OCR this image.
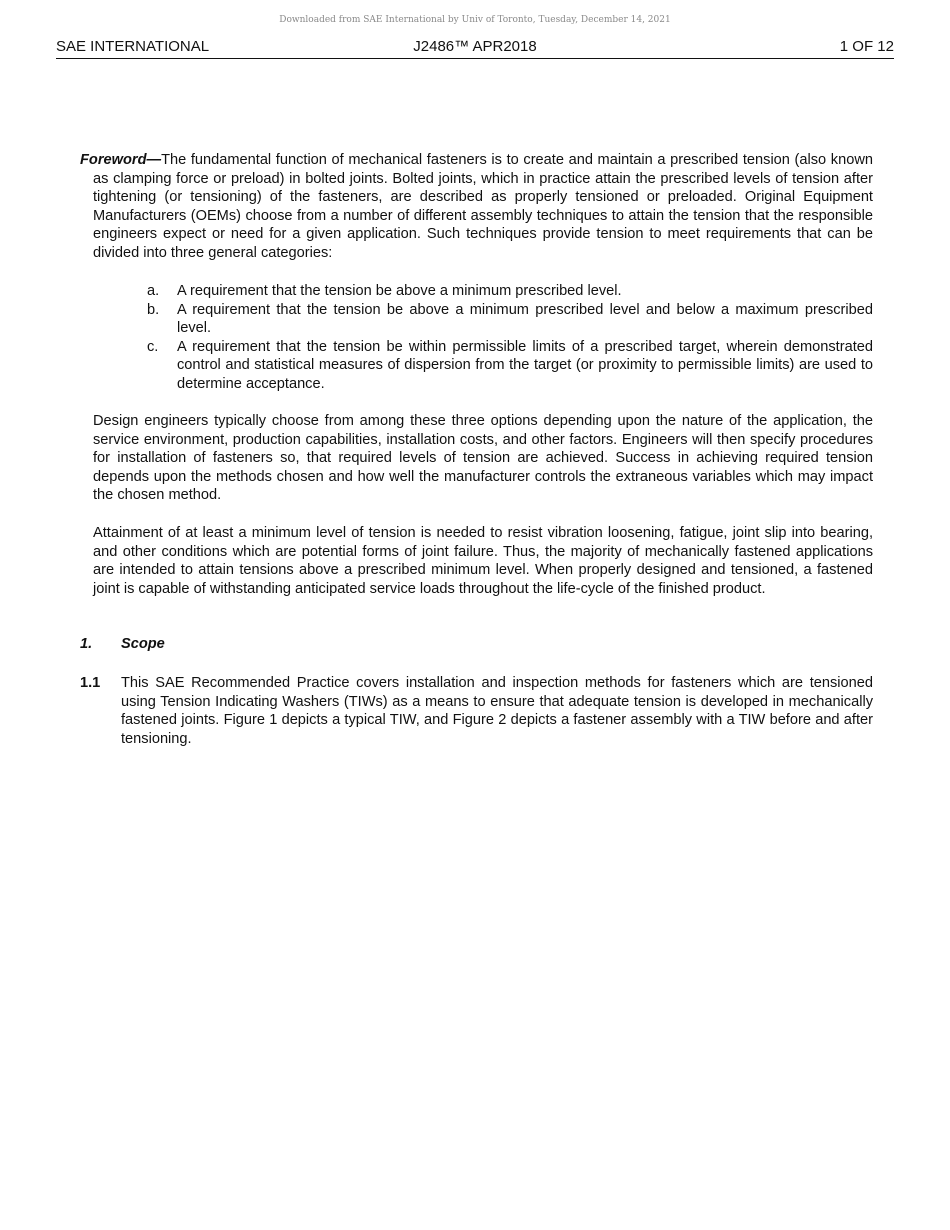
Downloaded from SAE International by Univ of Toronto, Tuesday, December 14, 2021
SAE INTERNATIONAL	J2486™ APR2018	1 OF 12

Foreword—The fundamental function of mechanical fasteners is to create and maintain a prescribed tension (also known as clamping force or preload) in bolted joints. Bolted joints, which in practice attain the prescribed levels of tension after tightening (or tensioning) of the fasteners, are described as properly tensioned or preloaded. Original Equipment Manufacturers (OEMs) choose from a number of different assembly techniques to attain the tension that the responsible engineers expect or need for a given application. Such techniques provide tension to meet requirements that can be divided into three general categories:

a.	A requirement that the tension be above a minimum prescribed level.
b.	A requirement that the tension be above a minimum prescribed level and below a maximum prescribed level.
c.	A requirement that the tension be within permissible limits of a prescribed target, wherein demonstrated control and statistical measures of dispersion from the target (or proximity to permissible limits) are used to determine acceptance.

Design engineers typically choose from among these three options depending upon the nature of the application, the service environment, production capabilities, installation costs, and other factors. Engineers will then specify procedures for installation of fasteners so, that required levels of tension are achieved. Success in achieving required tension depends upon the methods chosen and how well the manufacturer controls the extraneous variables which may impact the chosen method.

Attainment of at least a minimum level of tension is needed to resist vibration loosening, fatigue, joint slip into bearing, and other conditions which are potential forms of joint failure. Thus, the majority of mechanically fastened applications are intended to attain tensions above a prescribed minimum level. When properly designed and tensioned, a fastened joint is capable of withstanding anticipated service loads throughout the life-cycle of the finished product.

1. Scope
1.1 This SAE Recommended Practice covers installation and inspection methods for fasteners which are tensioned using Tension Indicating Washers (TIWs) as a means to ensure that adequate tension is developed in mechanically fastened joints. Figure 1 depicts a typical TIW, and Figure 2 depicts a fastener assembly with a TIW before and after tensioning.
